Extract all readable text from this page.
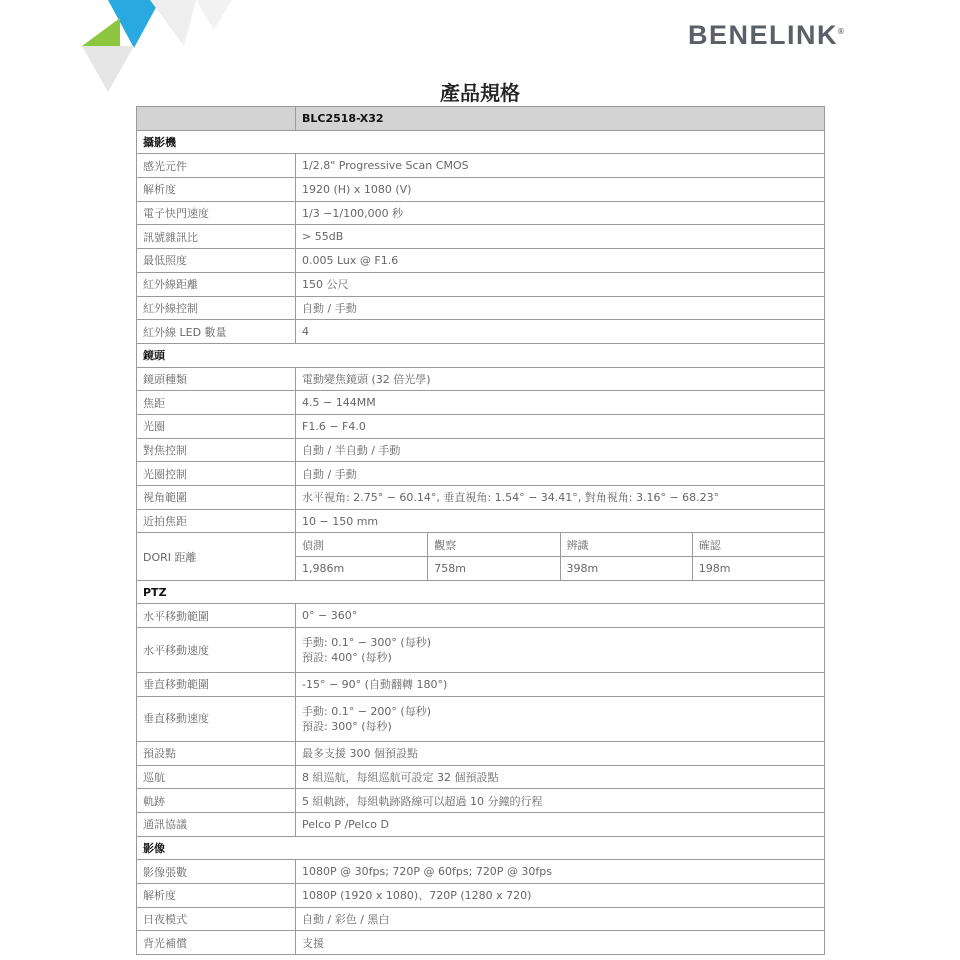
BENELINK®
產品規格
	BLC2518-X32			
攝影機				
感光元件	1/2.8" Progressive Scan CMOS			
解析度	1920 (H) x 1080 (V)			
電子快門速度	1/3 −1/100,000 秒			
訊號雜訊比	> 55dB			
最低照度	0.005 Lux @ F1.6			
紅外線距離	150 公尺			
紅外線控制	自動 / 手動			
紅外線 LED 數量	4			
鏡頭				
鏡頭種類	電動變焦鏡頭 (32 倍光學)			
焦距	4.5 − 144MM			
光圈	F1.6 − F4.0			
對焦控制	自動 / 半自動 / 手動			
光圈控制	自動 / 手動			
視角範圍	水平視角: 2.75° − 60.14°, 垂直視角: 1.54° − 34.41°, 對角視角: 3.16° − 68.23°			
近拍焦距	10 − 150 mm			
DORI 距離	偵測	觀察	辨識	確認
	1,986m	758m	398m	198m
PTZ				
水平移動範圍	0° − 360°			
水平移動速度	手動: 0.1° − 300° (每秒)
預設: 400° (每秒)			

垂直移動範圍	-15° − 90° (自動翻轉 180°)			
垂直移動速度	手動: 0.1° − 200° (每秒)
預設: 300° (每秒)			

預設點	最多支援 300 個預設點			
巡航	8 組巡航，每組巡航可設定 32 個預設點			
軌跡	5 組軌跡，每組軌跡路線可以超過 10 分鐘的行程			
通訊協議	Pelco P /Pelco D			
影像				
影像張數	1080P @ 30fps; 720P @ 60fps; 720P @ 30fps			
解析度	1080P (1920 x 1080)、720P (1280 x 720)			
日夜模式	自動 / 彩色 / 黑白			
背光補償	支援			
